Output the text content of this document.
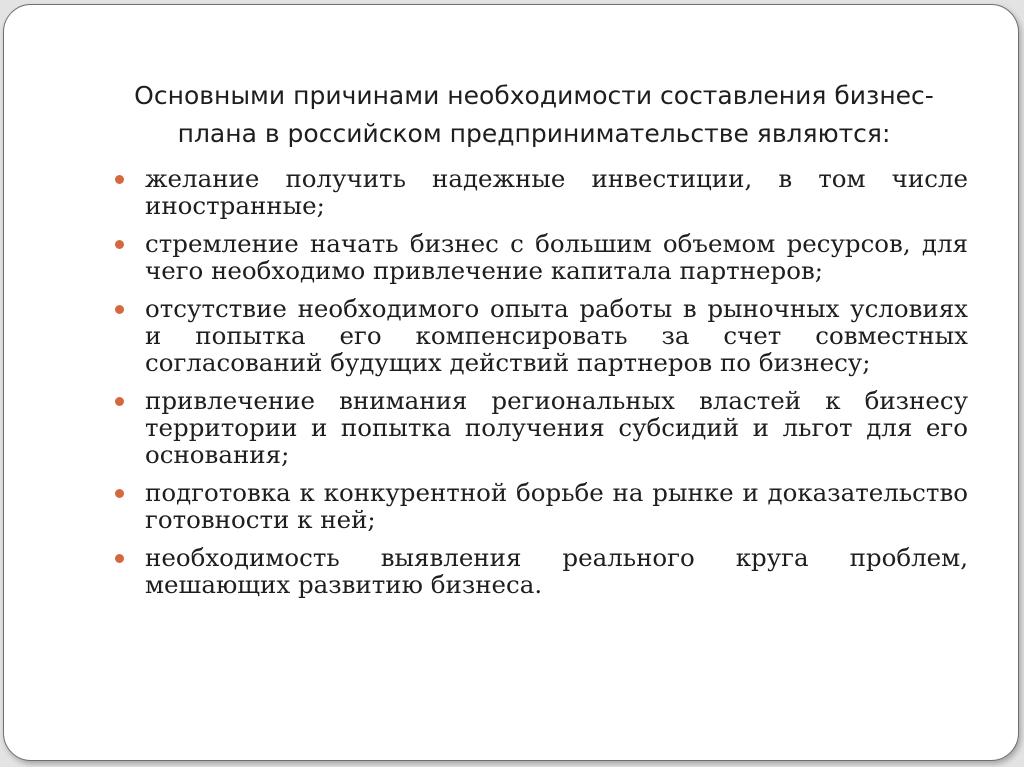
Основными причинами необходимости составления бизнес-плана в российском предпринимательстве являются:
желание получить надежные инвестиции, в том числе иностранные;
стремление начать бизнес с большим объемом ресурсов, для чего необходимо привлечение капитала партнеров;
отсутствие необходимого опыта работы в рыночных условиях и попытка его компенсировать за счет совместных согласований будущих действий партнеров по бизнесу;
привлечение внимания региональных властей к бизнесу территории и попытка получения субсидий и льгот для его основания;
подготовка к конкурентной борьбе на рынке и доказательство готовности к ней;
необходимость выявления реального круга проблем, мешающих развитию бизнеса.
